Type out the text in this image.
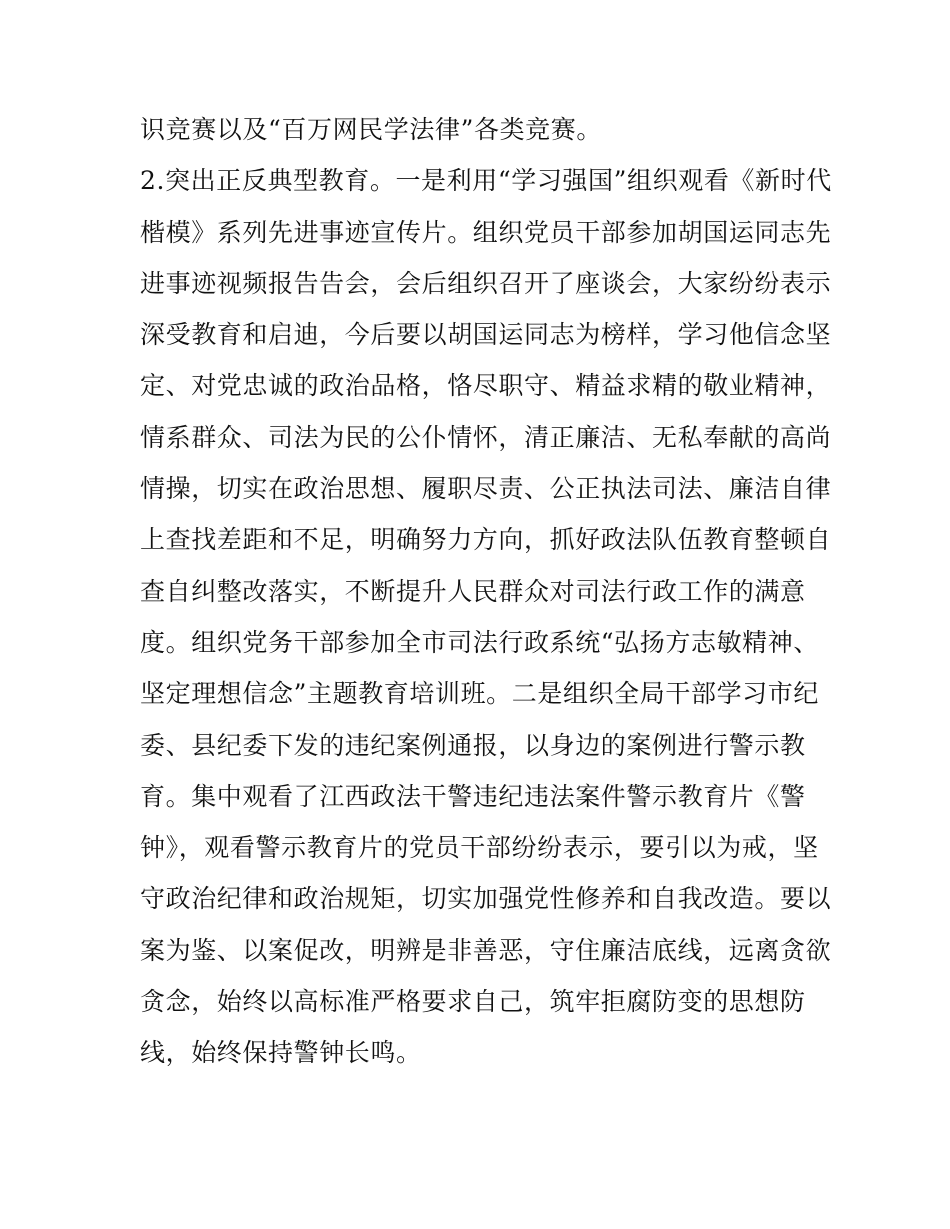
识竞赛以及“百万网民学法律”各类竞赛。
2.突出正反典型教育。一是利用“学习强国”组织观看《新时代
楷模》系列先进事迹宣传片。组织党员干部参加胡国运同志先
进事迹视频报告告会，会后组织召开了座谈会，大家纷纷表示
深受教育和启迪，今后要以胡国运同志为榜样，学习他信念坚
定、对党忠诚的政治品格，恪尽职守、精益求精的敬业精神，
情系群众、司法为民的公仆情怀，清正廉洁、无私奉献的高尚
情操，切实在政治思想、履职尽责、公正执法司法、廉洁自律
上查找差距和不足，明确努力方向，抓好政法队伍教育整顿自
查自纠整改落实，不断提升人民群众对司法行政工作的满意
度。组织党务干部参加全市司法行政系统“弘扬方志敏精神、
坚定理想信念”主题教育培训班。二是组织全局干部学习市纪
委、县纪委下发的违纪案例通报，以身边的案例进行警示教
育。集中观看了江西政法干警违纪违法案件警示教育片《警
钟》，观看警示教育片的党员干部纷纷表示，要引以为戒，坚
守政治纪律和政治规矩，切实加强党性修养和自我改造。要以
案为鉴、以案促改，明辨是非善恶，守住廉洁底线，远离贪欲
贪念，始终以高标准严格要求自己，筑牢拒腐防变的思想防
线，始终保持警钟长鸣。
